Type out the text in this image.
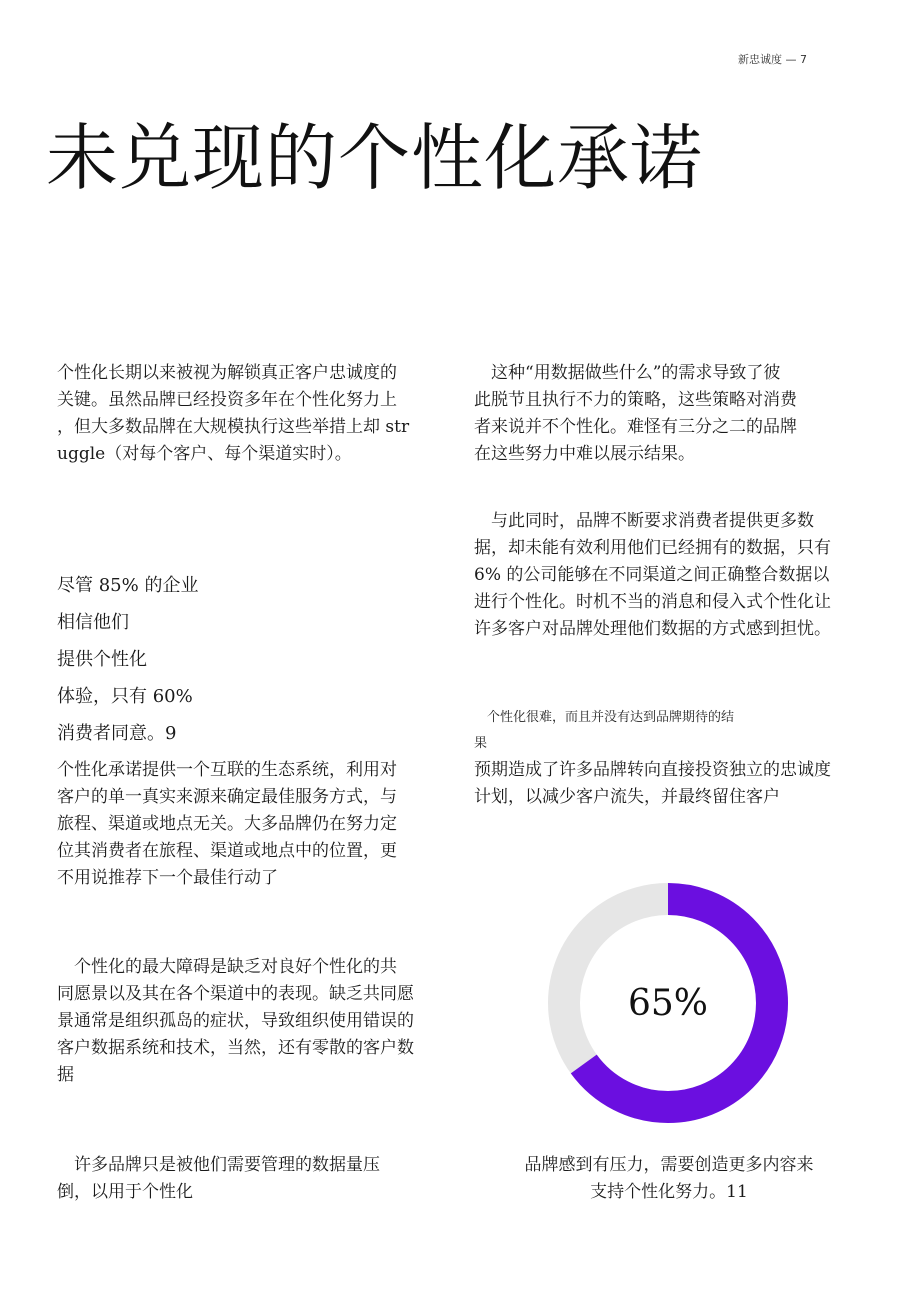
新忠诚度 — 7
未兑现的个性化承诺
个性化长期以来被视为解锁真正客户忠诚度的
关键。虽然品牌已经投资多年在个性化努力上
，但大多数品牌在大规模执行这些举措上却 str
uggle（对每个客户、每个渠道实时）。
尽管 85% 的企业
相信他们
提供个性化
体验，只有 60%
消费者同意。9
个性化承诺提供一个互联的生态系统，利用对
客户的单一真实来源来确定最佳服务方式，与
旅程、渠道或地点无关。大多品牌仍在努力定
位其消费者在旅程、渠道或地点中的位置，更
不用说推荐下一个最佳行动了
　个性化的最大障碍是缺乏对良好个性化的共
同愿景以及其在各个渠道中的表现。缺乏共同愿
景通常是组织孤岛的症状，导致组织使用错误的
客户数据系统和技术，当然，还有零散的客户数
据
　许多品牌只是被他们需要管理的数据量压
倒，以用于个性化
　这种“用数据做些什么”的需求导致了彼
此脱节且执行不力的策略，这些策略对消费
者来说并不个性化。难怪有三分之二的品牌
在这些努力中难以展示结果。
　与此同时，品牌不断要求消费者提供更多数
据，却未能有效利用他们已经拥有的数据，只有
6% 的公司能够在不同渠道之间正确整合数据以
进行个性化。时机不当的消息和侵入式个性化让
许多客户对品牌处理他们数据的方式感到担忧。
　个性化很难，而且并没有达到品牌期待的结
果
预期造成了许多品牌转向直接投资独立的忠诚度
计划，以减少客户流失，并最终留住客户
65%
品牌感到有压力，需要创造更多内容来
支持个性化努力。11
